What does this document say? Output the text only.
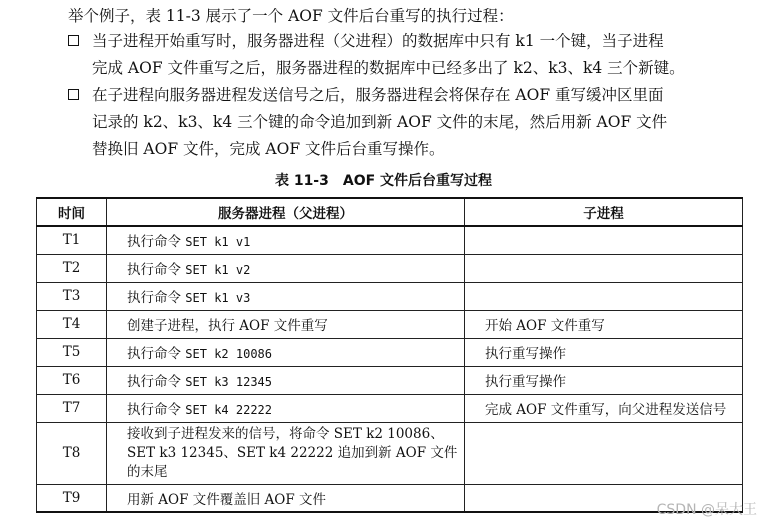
举个例子，表 11-3 展示了一个 AOF 文件后台重写的执行过程：
当子进程开始重写时，服务器进程（父进程）的数据库中只有 k1 一个键，当子进程
完成 AOF 文件重写之后，服务器进程的数据库中已经多出了 k2、k3、k4 三个新键。
在子进程向服务器进程发送信号之后，服务器进程会将保存在 AOF 重写缓冲区里面
记录的 k2、k3、k4 三个键的命令追加到新 AOF 文件的末尾，然后用新 AOF 文件
替换旧 AOF 文件，完成 AOF 文件后台重写操作。
表 11-3　AOF 文件后台重写过程
时间	服务器进程（父进程）	子进程
T1	执行命令 SET k1 v1	
T2	执行命令 SET k1 v2	
T3	执行命令 SET k1 v3	
T4	创建子进程，执行 AOF 文件重写	开始 AOF 文件重写
T5	执行命令 SET k2 10086	执行重写操作
T6	执行命令 SET k3 12345	执行重写操作
T7	执行命令 SET k4 22222	完成 AOF 文件重写，向父进程发送信号
T8	接收到子进程发来的信号，将命令 SET k2 10086、
SET k3 12345、SET k4 22222 追加到新 AOF 文件
的末尾	

T9	用新 AOF 文件覆盖旧 AOF 文件	
CSDN @呆大王
